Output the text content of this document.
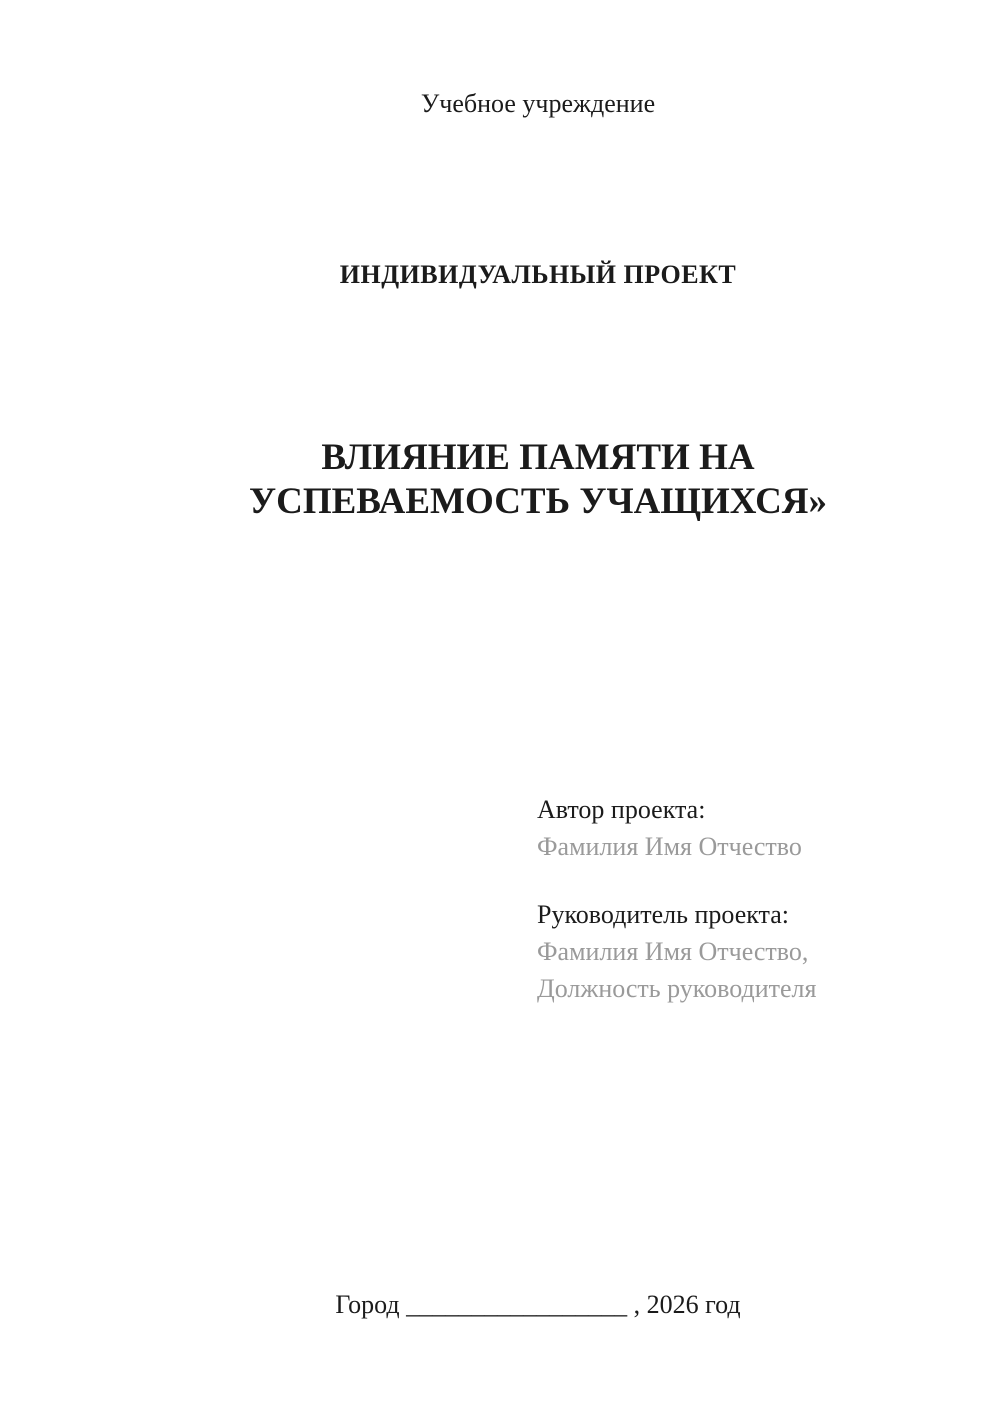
Учебное учреждение
ИНДИВИДУАЛЬНЫЙ ПРОЕКТ
ВЛИЯНИЕ ПАМЯТИ НА
УСПЕВАЕМОСТЬ УЧАЩИХСЯ»
Автор проекта:
Фамилия Имя Отчество
Руководитель проекта:
Фамилия Имя Отчество,
Должность руководителя
Город _________________ , 2026 год
